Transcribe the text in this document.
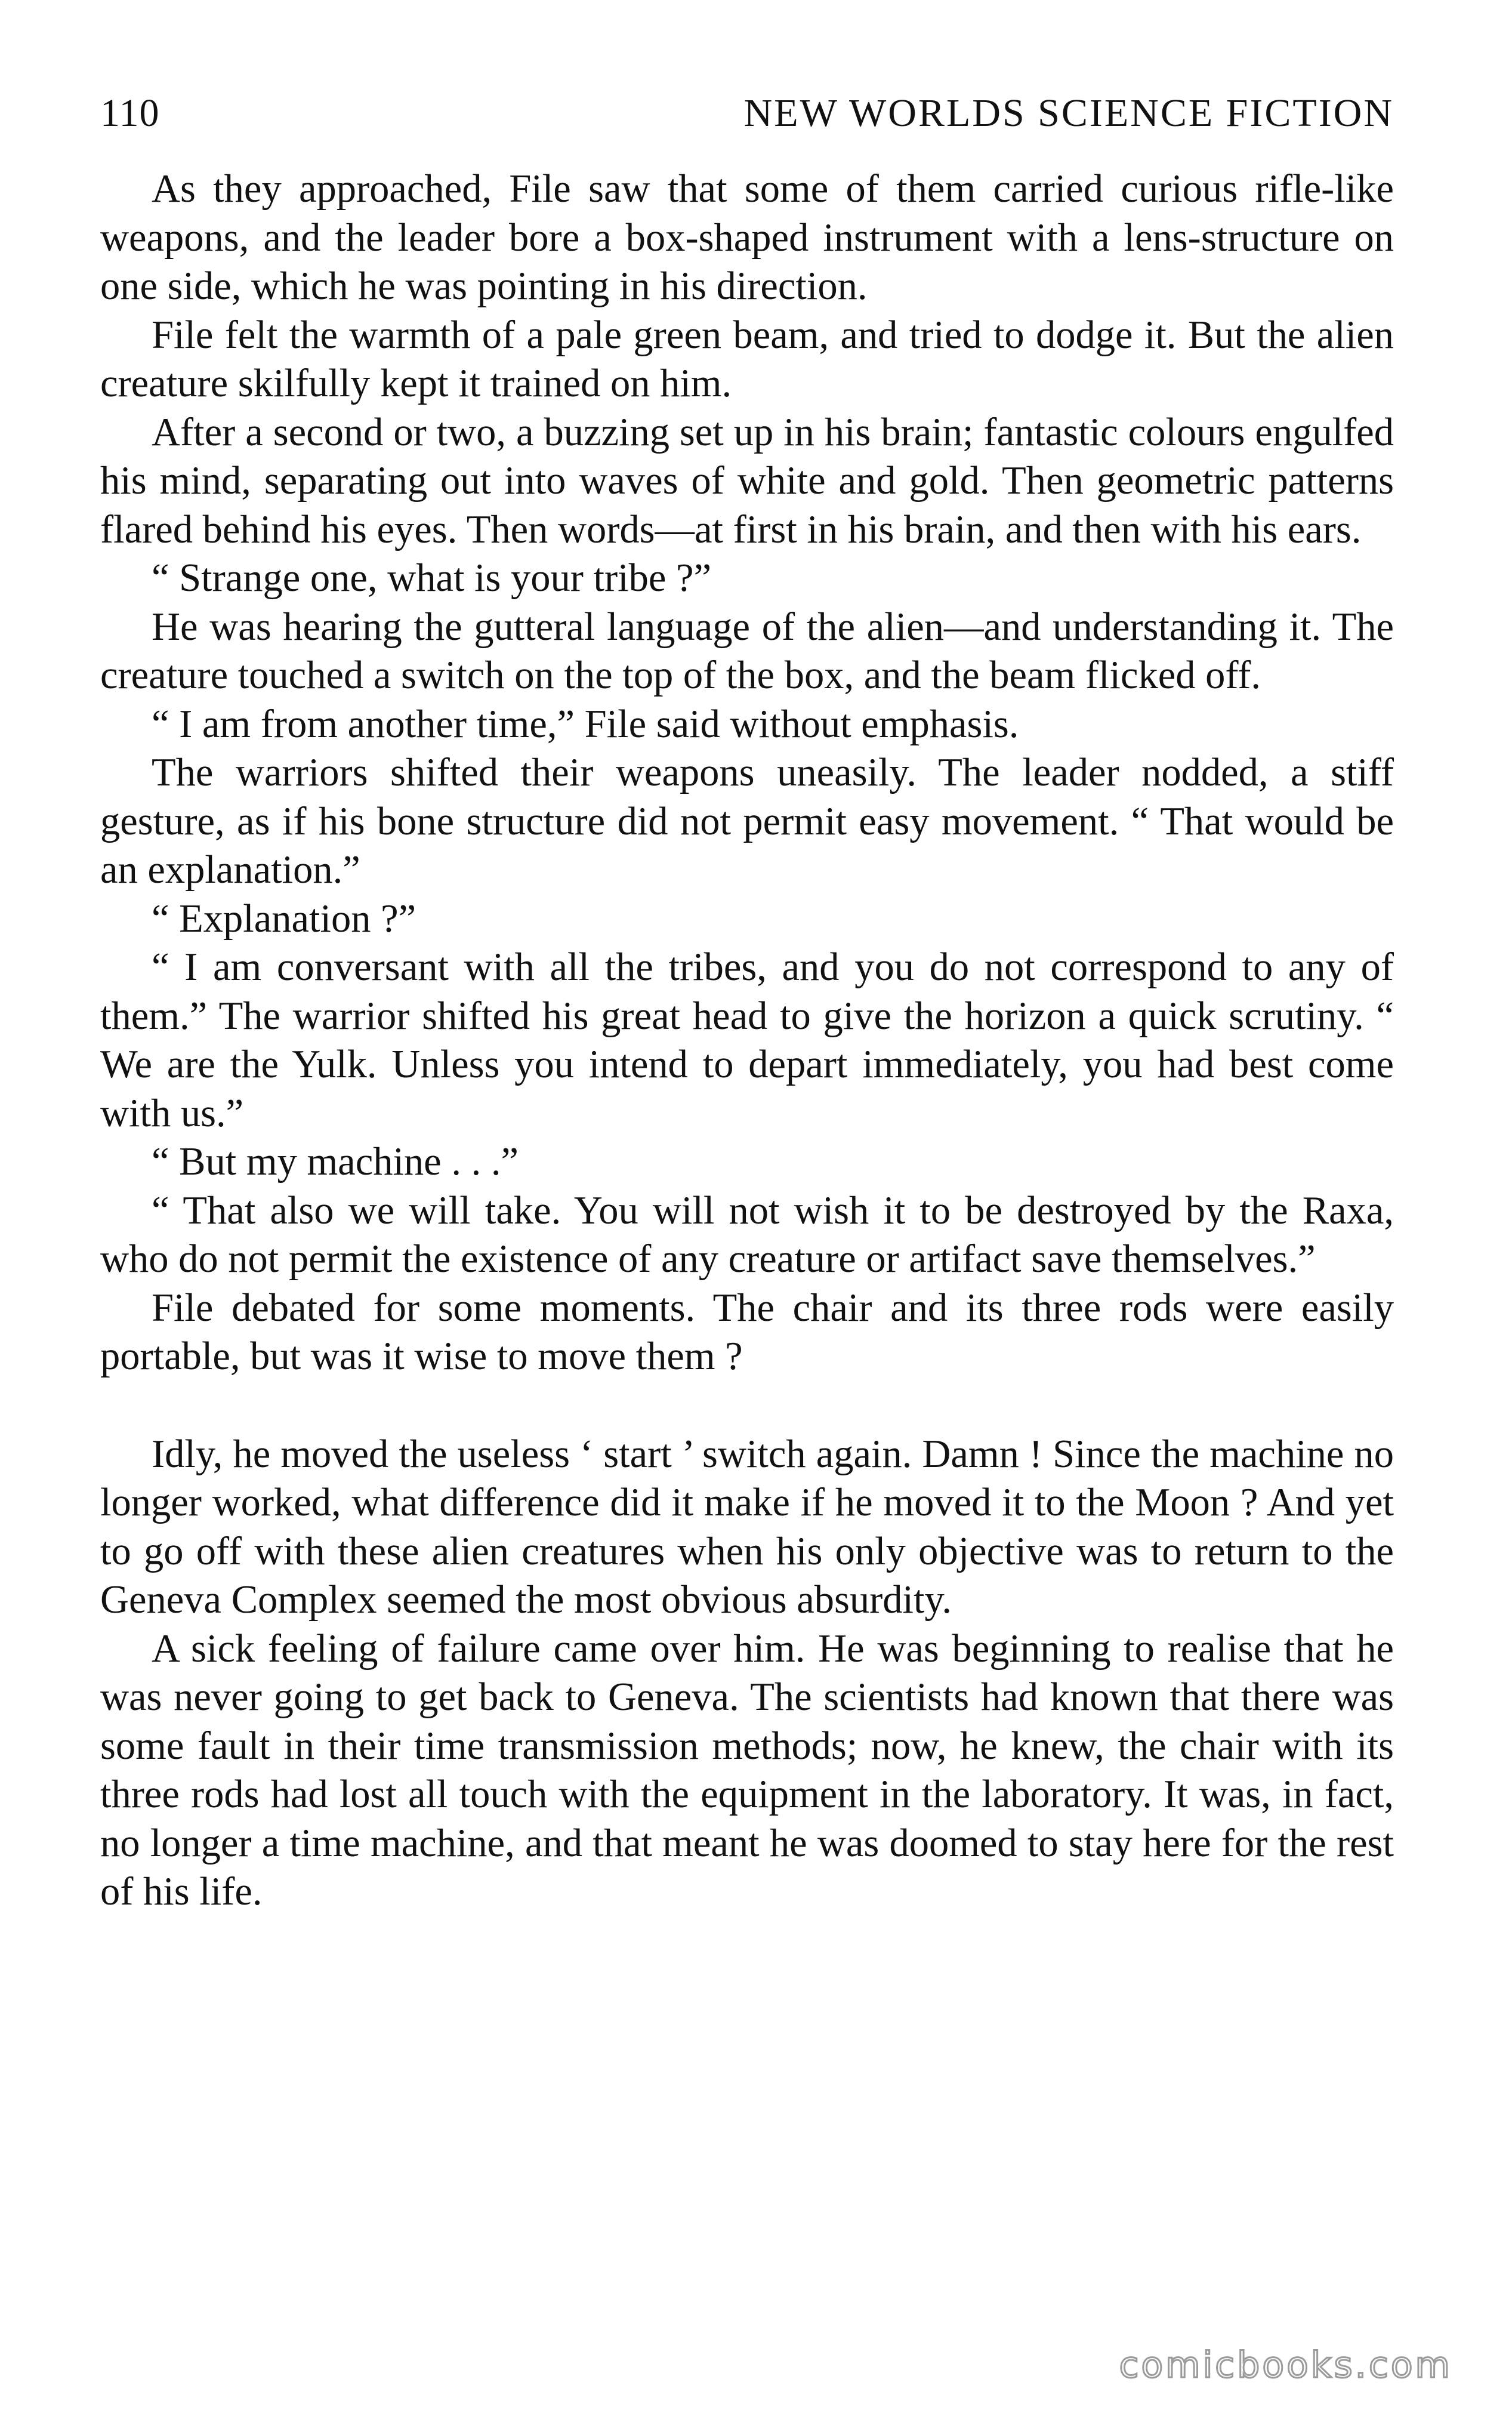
110	NEW WORLDS SCIENCE FICTION

As they approached, File saw that some of them carried curious rifle-like weapons, and the leader bore a box-shaped instrument with a lens-structure on one side, which he was pointing in his direction.

File felt the warmth of a pale green beam, and tried to dodge it. But the alien creature skilfully kept it trained on him.

After a second or two, a buzzing set up in his brain; fantastic colours engulfed his mind, separating out into waves of white and gold. Then geometric patterns flared behind his eyes. Then words—at first in his brain, and then with his ears.

“ Strange one, what is your tribe ?”

He was hearing the gutteral language of the alien—and understanding it. The creature touched a switch on the top of the box, and the beam flicked off.

“ I am from another time,” File said without emphasis.

The warriors shifted their weapons uneasily. The leader nodded, a stiff gesture, as if his bone structure did not permit easy movement. “ That would be an explanation.”

“ Explanation ?”

“ I am conversant with all the tribes, and you do not correspond to any of them.” The warrior shifted his great head to give the horizon a quick scrutiny. “ We are the Yulk. Unless you intend to depart immediately, you had best come with us.”

“ But my machine . . .”

“ That also we will take. You will not wish it to be destroyed by the Raxa, who do not permit the existence of any creature or artifact save themselves.”

File debated for some moments. The chair and its three rods were easily portable, but was it wise to move them ?

Idly, he moved the useless ‘ start ’ switch again. Damn ! Since the machine no longer worked, what difference did it make if he moved it to the Moon ? And yet to go off with these alien creatures when his only objective was to return to the Geneva Complex seemed the most obvious absurdity.

A sick feeling of failure came over him. He was beginning to realise that he was never going to get back to Geneva. The scientists had known that there was some fault in their time transmission methods; now, he knew, the chair with its three rods had lost all touch with the equipment in the laboratory. It was, in fact, no longer a time machine, and that meant he was doomed to stay here for the rest of his life.

comicbooks.com
